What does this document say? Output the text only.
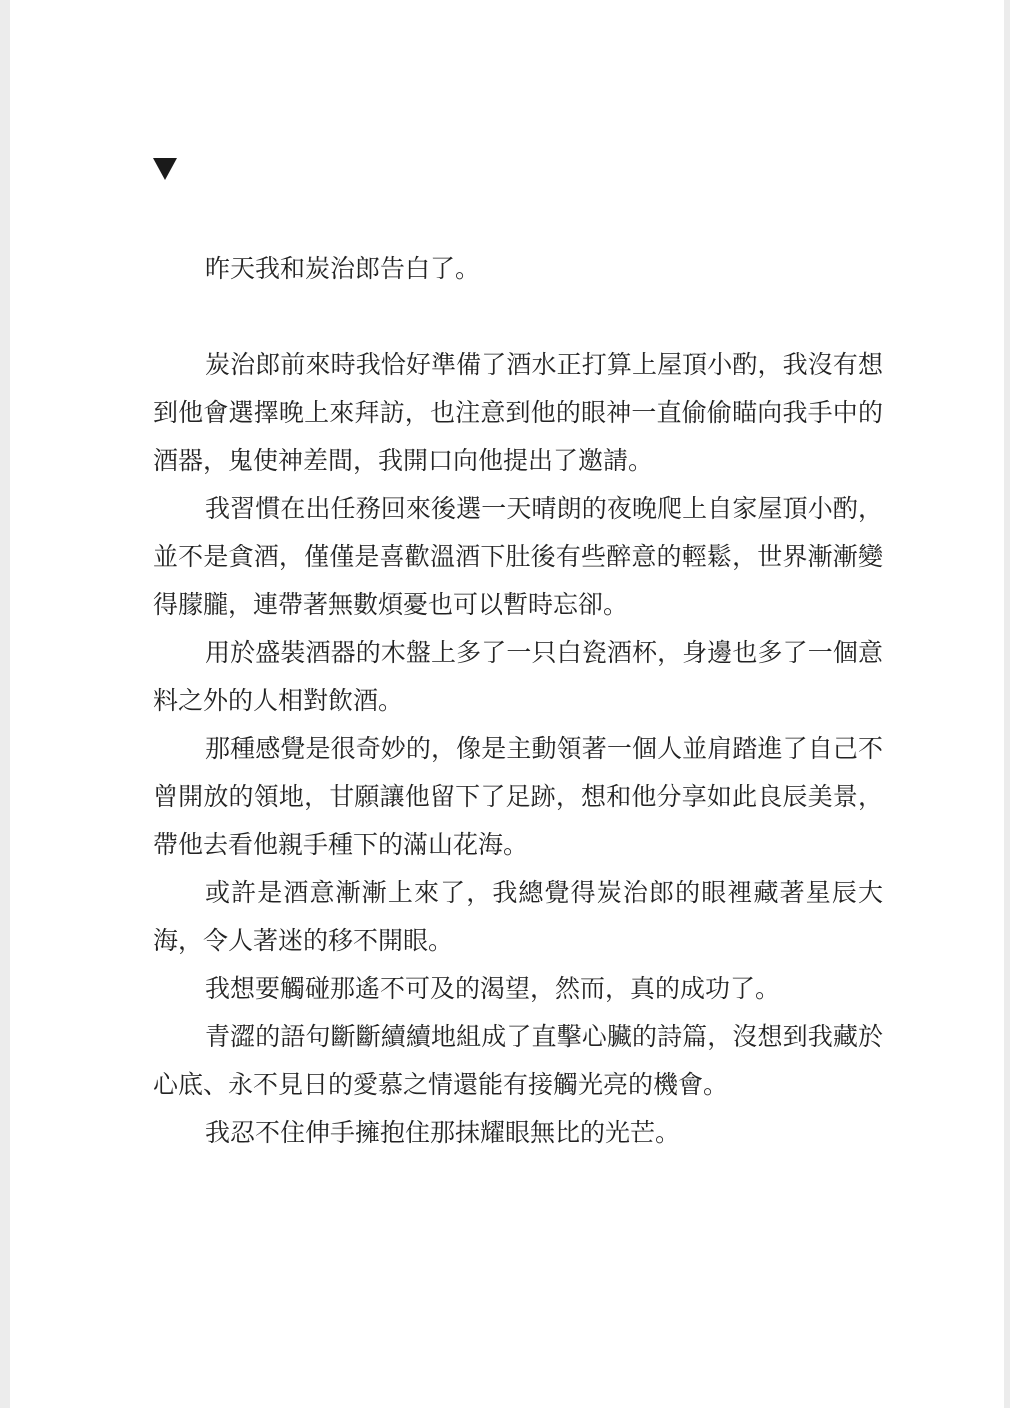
昨天我和炭治郎告白了。

炭治郎前來時我恰好準備了酒水正打算上屋頂小酌，我沒有想到他會選擇晚上來拜訪，也注意到他的眼神一直偷偷瞄向我手中的酒器，鬼使神差間，我開口向他提出了邀請。

我習慣在出任務回來後選一天晴朗的夜晚爬上自家屋頂小酌，並不是貪酒，僅僅是喜歡溫酒下肚後有些醉意的輕鬆，世界漸漸變得朦朧，連帶著無數煩憂也可以暫時忘卻。

用於盛裝酒器的木盤上多了一只白瓷酒杯，身邊也多了一個意料之外的人相對飲酒。

那種感覺是很奇妙的，像是主動領著一個人並肩踏進了自己不曾開放的領地，甘願讓他留下了足跡，想和他分享如此良辰美景，帶他去看他親手種下的滿山花海。

或許是酒意漸漸上來了，我總覺得炭治郎的眼裡藏著星辰大海，令人著迷的移不開眼。

我想要觸碰那遙不可及的渴望，然而，真的成功了。

青澀的語句斷斷續續地組成了直擊心臟的詩篇，沒想到我藏於心底、永不見日的愛慕之情還能有接觸光亮的機會。

我忍不住伸手擁抱住那抹耀眼無比的光芒。
